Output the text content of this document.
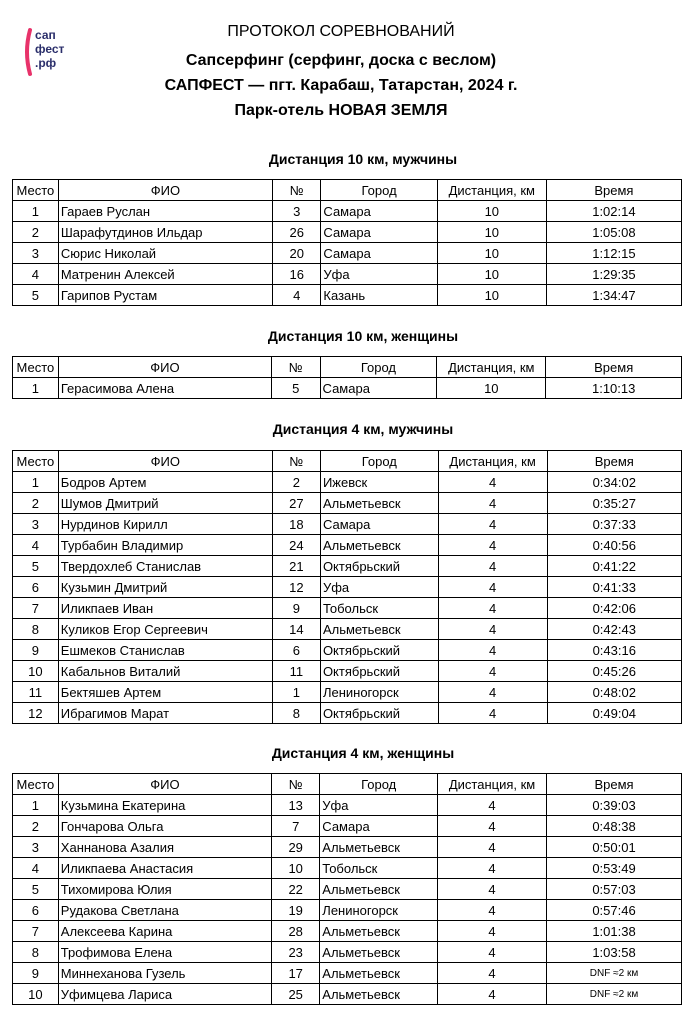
сап
фест
.рф
ПРОТОКОЛ СОРЕВНОВАНИЙ
Сапсерфинг (серфинг, доска с веслом)
САПФЕСТ — пгт. Карабаш, Татарстан, 2024 г.
Парк-отель НОВАЯ ЗЕМЛЯ
Дистанция 10 км, мужчины
Дистанция 10 км, женщины
Дистанция 4 км, мужчины
Дистанция 4 км, женщины
Место	ФИО	№	Город	Дистанция, км	Время
1	Гараев Руслан	3	Самара	10	1:02:14
2	Шарафутдинов Ильдар	26	Самара	10	1:05:08
3	Сюрис Николай	20	Самара	10	1:12:15
4	Матренин Алексей	16	Уфа	10	1:29:35
5	Гарипов Рустам	4	Казань	10	1:34:47
Место	ФИО	№	Город	Дистанция, км	Время
1	Герасимова Алена	5	Самара	10	1:10:13
Место	ФИО	№	Город	Дистанция, км	Время
1	Бодров Артем	2	Ижевск	4	0:34:02
2	Шумов Дмитрий	27	Альметьевск	4	0:35:27
3	Нурдинов Кирилл	18	Самара	4	0:37:33
4	Турбабин Владимир	24	Альметьевск	4	0:40:56
5	Твердохлеб Станислав	21	Октябрьский	4	0:41:22
6	Кузьмин Дмитрий	12	Уфа	4	0:41:33
7	Иликпаев Иван	9	Тобольск	4	0:42:06
8	Куликов Егор Сергеевич	14	Альметьевск	4	0:42:43
9	Ешмеков Станислав	6	Октябрьский	4	0:43:16
10	Кабальнов Виталий	11	Октябрьский	4	0:45:26
11	Бектяшев Артем	1	Лениногорск	4	0:48:02
12	Ибрагимов Марат	8	Октябрьский	4	0:49:04
Место	ФИО	№	Город	Дистанция, км	Время
1	Кузьмина Екатерина	13	Уфа	4	0:39:03
2	Гончарова Ольга	7	Самара	4	0:48:38
3	Ханнанова Азалия	29	Альметьевск	4	0:50:01
4	Иликпаева Анастасия	10	Тобольск	4	0:53:49
5	Тихомирова Юлия	22	Альметьевск	4	0:57:03
6	Рудакова Светлана	19	Лениногорск	4	0:57:46
7	Алексеева Карина	28	Альметьевск	4	1:01:38
8	Трофимова Елена	23	Альметьевск	4	1:03:58
9	Миннеханова Гузель	17	Альметьевск	4	DNF ≈2 км
10	Уфимцева Лариса	25	Альметьевск	4	DNF ≈2 км
